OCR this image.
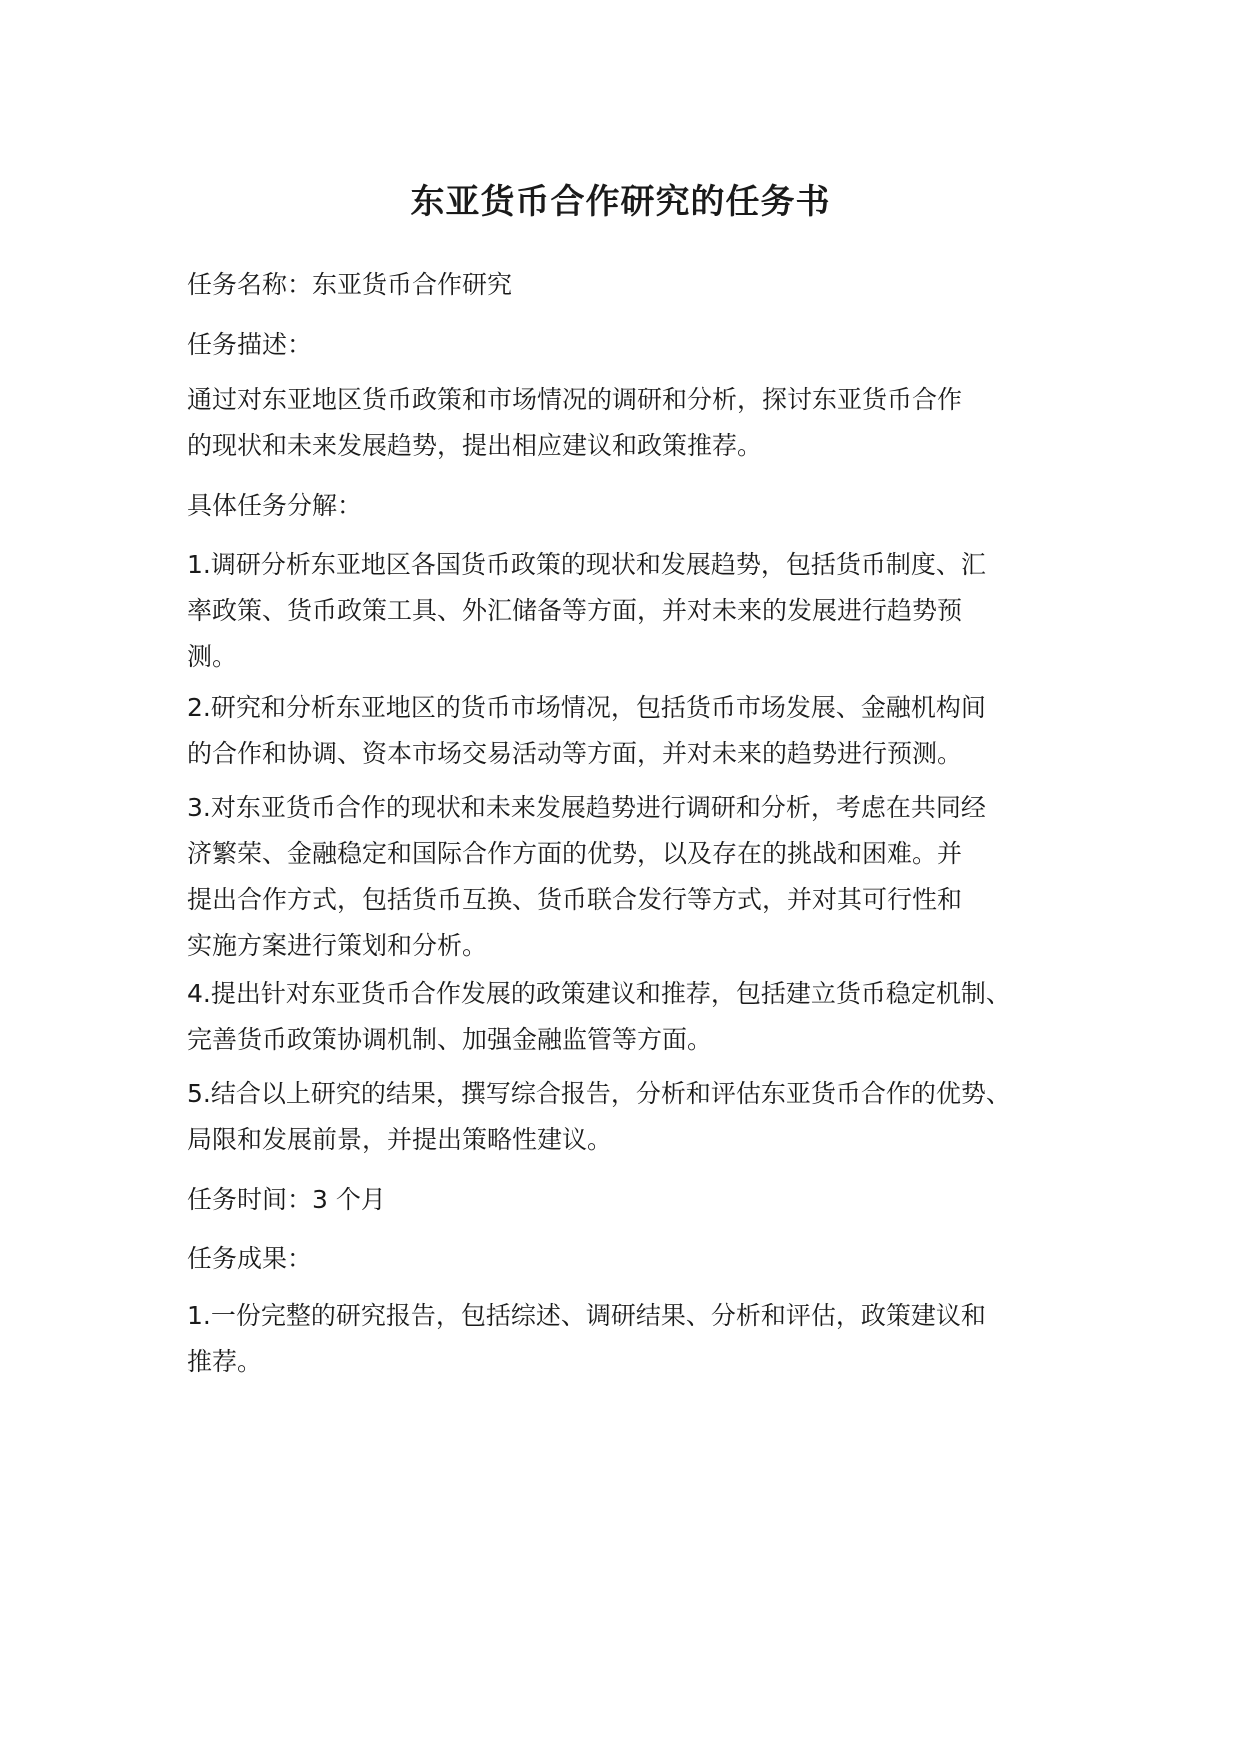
东亚货币合作研究的任务书

任务名称：东亚货币合作研究

任务描述：

通过对东亚地区货币政策和市场情况的调研和分析，探讨东亚货币合作
的现状和未来发展趋势，提出相应建议和政策推荐。

具体任务分解：

1.调研分析东亚地区各国货币政策的现状和发展趋势，包括货币制度、汇
率政策、货币政策工具、外汇储备等方面，并对未来的发展进行趋势预
测。

2.研究和分析东亚地区的货币市场情况，包括货币市场发展、金融机构间
的合作和协调、资本市场交易活动等方面，并对未来的趋势进行预测。

3.对东亚货币合作的现状和未来发展趋势进行调研和分析，考虑在共同经
济繁荣、金融稳定和国际合作方面的优势，以及存在的挑战和困难。并
提出合作方式，包括货币互换、货币联合发行等方式，并对其可行性和
实施方案进行策划和分析。

4.提出针对东亚货币合作发展的政策建议和推荐，包括建立货币稳定机制、
完善货币政策协调机制、加强金融监管等方面。

5.结合以上研究的结果，撰写综合报告，分析和评估东亚货币合作的优势、
局限和发展前景，并提出策略性建议。

任务时间：3 个月

任务成果：

1.一份完整的研究报告，包括综述、调研结果、分析和评估，政策建议和
推荐。
